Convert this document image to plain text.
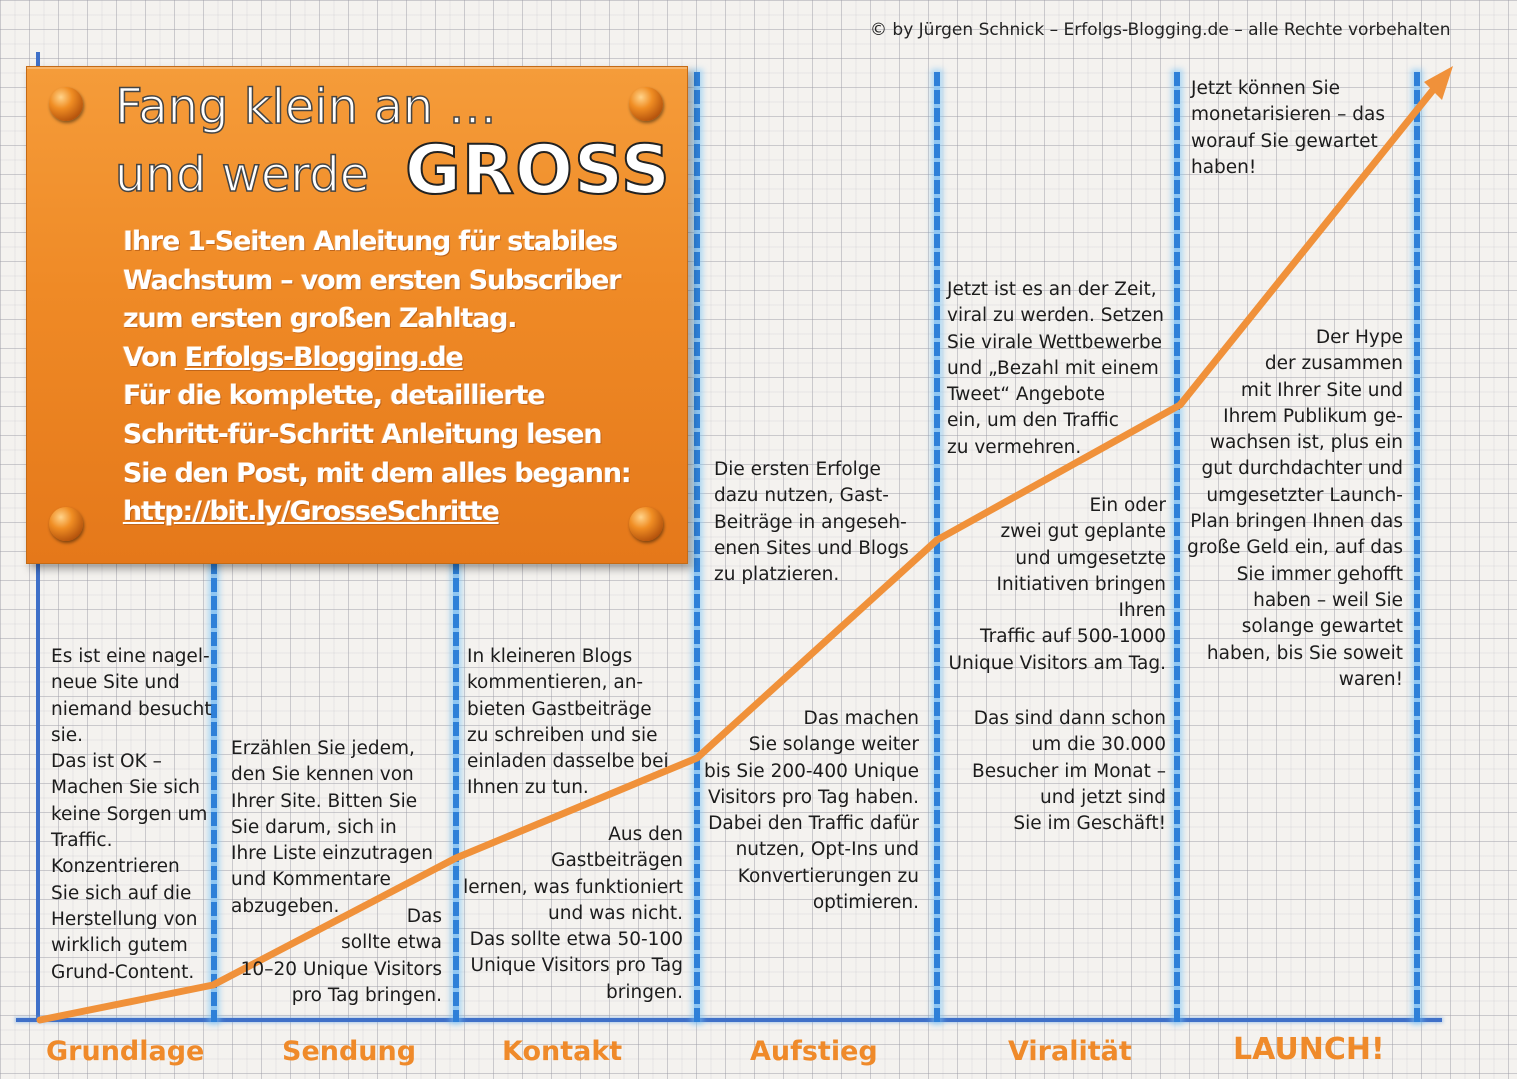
© by Jürgen Schnick – Erfolgs-Blogging.de – alle Rechte vorbehalten
Es ist eine nagel-
neue Site und
niemand besucht
sie.
Das ist OK –
Machen Sie sich
keine Sorgen um
Traffic.
Konzentrieren
Sie sich auf die
Herstellung von
wirklich gutem
Grund-Content.
Erzählen Sie jedem,
den Sie kennen von
Ihrer Site. Bitten Sie
Sie darum, sich in
Ihre Liste einzutragen
und Kommentare
abzugeben.	Das
sollte etwa
10–20 Unique Visitors
pro Tag bringen.
In kleineren Blogs
kommentieren, an-
bieten Gastbeiträge
zu schreiben und sie
einladen dasselbe bei
Ihnen zu tun.
Aus den
Gastbeiträgen
lernen, was funktioniert
und was nicht.
Das sollte etwa 50-100
Unique Visitors pro Tag
bringen.
Die ersten Erfolge
dazu nutzen, Gast-
Beiträge in angeseh-
enen Sites und Blogs
zu platzieren.
Das machen
Sie solange weiter
bis Sie 200-400 Unique
Visitors pro Tag haben.
Dabei den Traffic dafür
nutzen, Opt-Ins und
Konvertierungen zu
optimieren.
Jetzt ist es an der Zeit,
viral zu werden. Setzen
Sie virale Wettbewerbe
und „Bezahl mit einem
Tweet“ Angebote
ein, um den Traffic
zu vermehren.
Ein oder
zwei gut geplante
und umgesetzte
Initiativen bringen
Ihren
Traffic auf 500-1000
Unique Visitors am Tag.
Das sind dann schon
um die 30.000
Besucher im Monat –
und jetzt sind
Sie im Geschäft!
Jetzt können Sie
monetarisieren – das
worauf Sie gewartet
haben!
Der Hype
der zusammen
mit Ihrer Site und
Ihrem Publikum ge-
wachsen ist, plus ein
gut durchdachter und
umgesetzter Launch-
Plan bringen Ihnen das
große Geld ein, auf das
Sie immer gehofft
haben – weil Sie
solange gewartet
haben, bis Sie soweit
waren!
Grundlage	Sendung	Kontakt	Aufstieg	Viralität	LAUNCH!
Fang klein an …
und werde GROSS
Ihre 1-Seiten Anleitung für stabiles
Wachstum – vom ersten Subscriber
zum ersten großen Zahltag.
Von Erfolgs-Blogging.de
Für die komplette, detaillierte
Schritt-für-Schritt Anleitung lesen
Sie den Post, mit dem alles begann:
http://bit.ly/GrosseSchritte
